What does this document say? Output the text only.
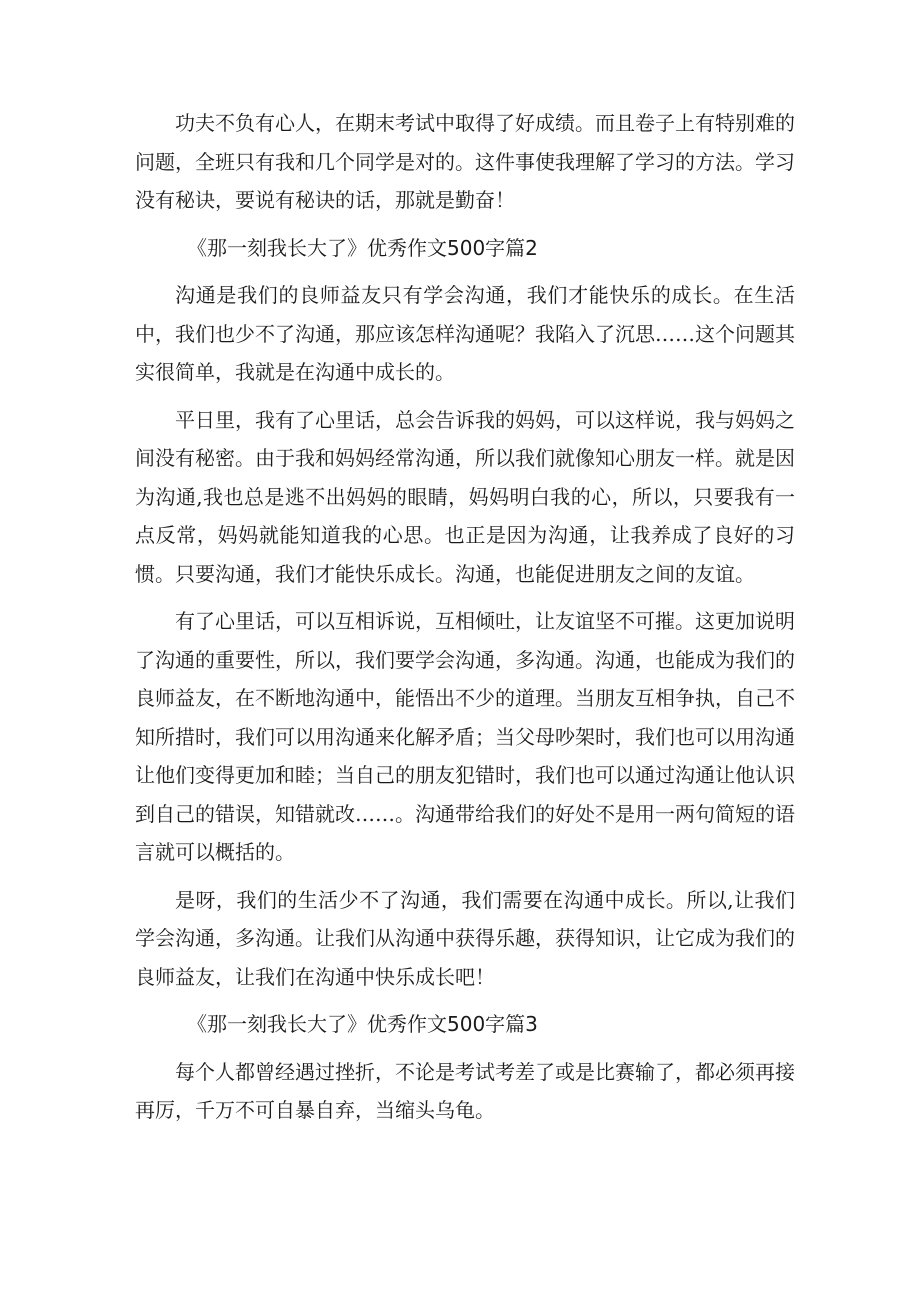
功夫不负有心人，在期末考试中取得了好成绩。而且卷子上有特别难的问题，全班只有我和几个同学是对的。这件事使我理解了学习的方法。学习没有秘诀，要说有秘诀的话，那就是勤奋！

《那一刻我长大了》优秀作文500字篇2

沟通是我们的良师益友只有学会沟通，我们才能快乐的成长。在生活中，我们也少不了沟通，那应该怎样沟通呢？我陷入了沉思……这个问题其实很简单，我就是在沟通中成长的。

平日里，我有了心里话，总会告诉我的妈妈，可以这样说，我与妈妈之间没有秘密。由于我和妈妈经常沟通，所以我们就像知心朋友一样。就是因为沟通,我也总是逃不出妈妈的眼睛，妈妈明白我的心，所以，只要我有一点反常，妈妈就能知道我的心思。也正是因为沟通，让我养成了良好的习惯。只要沟通，我们才能快乐成长。沟通，也能促进朋友之间的友谊。

有了心里话，可以互相诉说，互相倾吐，让友谊坚不可摧。这更加说明了沟通的重要性，所以，我们要学会沟通，多沟通。沟通，也能成为我们的良师益友，在不断地沟通中，能悟出不少的道理。当朋友互相争执，自己不知所措时，我们可以用沟通来化解矛盾；当父母吵架时，我们也可以用沟通让他们变得更加和睦；当自己的朋友犯错时，我们也可以通过沟通让他认识到自己的错误，知错就改……。沟通带给我们的好处不是用一两句简短的语言就可以概括的。

是呀，我们的生活少不了沟通，我们需要在沟通中成长。所以,让我们学会沟通，多沟通。让我们从沟通中获得乐趣，获得知识，让它成为我们的良师益友，让我们在沟通中快乐成长吧！

《那一刻我长大了》优秀作文500字篇3

每个人都曾经遇过挫折，不论是考试考差了或是比赛输了，都必须再接再厉，千万不可自暴自弃，当缩头乌龟。
